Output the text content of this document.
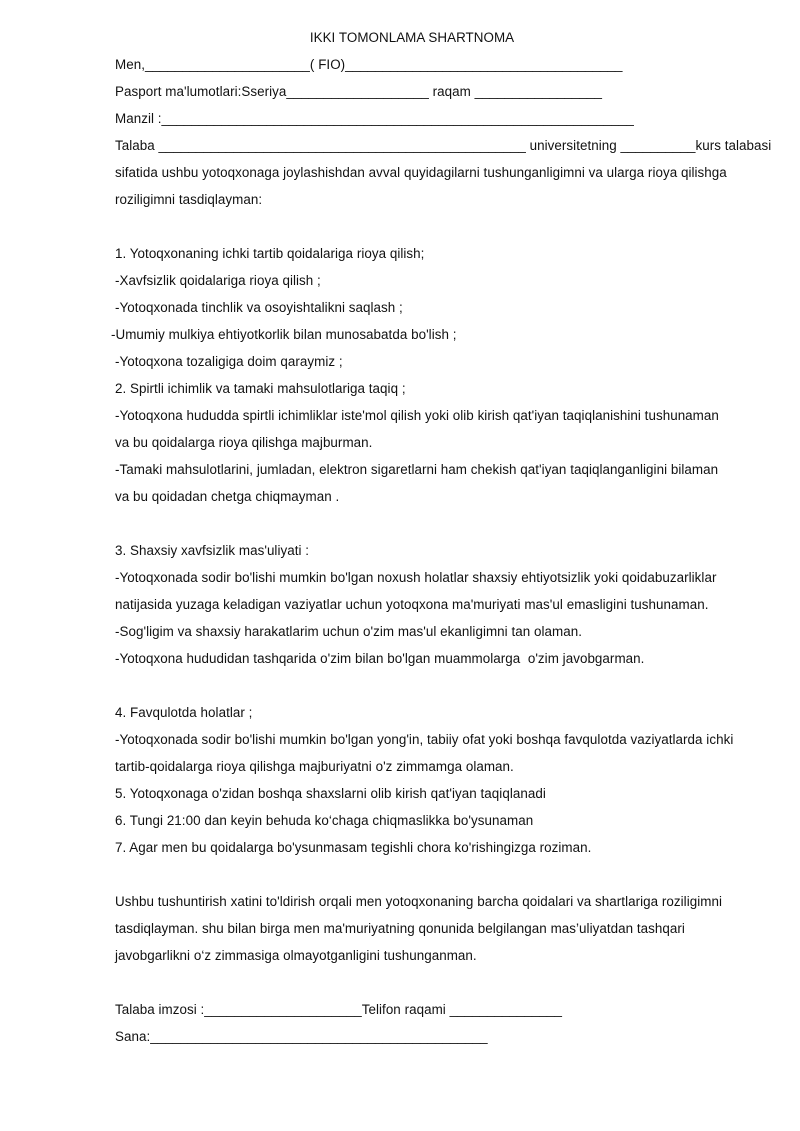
IKKI TOMONLAMA SHARTNOMA
Men,______________________( FIO)_____________________________________
Pasport ma'lumotlari:Sseriya___________________ raqam _________________
Manzil :_______________________________________________________________
Talaba _________________________________________________ universitetning __________kurs talabasi
sifatida ushbu yotoqxonaga joylashishdan avval quyidagilarni tushunganligimni va ularga rioya qilishga
roziligimni tasdiqlayman:
1. Yotoqxonaning ichki tartib qoidalariga rioya qilish;
-Xavfsizlik qoidalariga rioya qilish ;
-Yotoqxonada tinchlik va osoyishtalikni saqlash ;
-Umumiy mulkiya ehtiyotkorlik bilan munosabatda bo'lish ;
-Yotoqxona tozaligiga doim qaraymiz ;
2. Spirtli ichimlik va tamaki mahsulotlariga taqiq ;
-Yotoqxona hududda spirtli ichimliklar iste'mol qilish yoki olib kirish qat'iyan taqiqlanishini tushunaman
va bu qoidalarga rioya qilishga majburman.
-Tamaki mahsulotlarini, jumladan, elektron sigaretlarni ham chekish qat'iyan taqiqlanganligini bilaman
va bu qoidadan chetga chiqmayman .
3. Shaxsiy xavfsizlik mas'uliyati :
-Yotoqxonada sodir bo'lishi mumkin bo'lgan noxush holatlar shaxsiy ehtiyotsizlik yoki qoidabuzarliklar
natijasida yuzaga keladigan vaziyatlar uchun yotoqxona ma'muriyati mas'ul emasligini tushunaman.
-Sog'ligim va shaxsiy harakatlarim uchun o'zim mas'ul ekanligimni tan olaman.
-Yotoqxona hududidan tashqarida o'zim bilan bo'lgan muammolarga  o'zim javobgarman.
4. Favqulotda holatlar ;
-Yotoqxonada sodir bo'lishi mumkin bo'lgan yong'in, tabiiy ofat yoki boshqa favqulotda vaziyatlarda ichki
tartib-qoidalarga rioya qilishga majburiyatni o'z zimmamga olaman.
5. Yotoqxonaga o'zidan boshqa shaxslarni olib kirish qat'iyan taqiqlanadi
6. Tungi 21:00 dan keyin behuda ko‘chaga chiqmaslikka bo'ysunaman
7. Agar men bu qoidalarga bo'ysunmasam tegishli chora ko'rishingizga roziman.
Ushbu tushuntirish xatini to'ldirish orqali men yotoqxonaning barcha qoidalari va shartlariga roziligimni
tasdiqlayman. shu bilan birga men ma'muriyatning qonunida belgilangan mas’uliyatdan tashqari
javobgarlikni o‘z zimmasiga olmayotganligini tushunganman.
Talaba imzosi :_____________________Telifon raqami _______________
Sana:_____________________________________________
